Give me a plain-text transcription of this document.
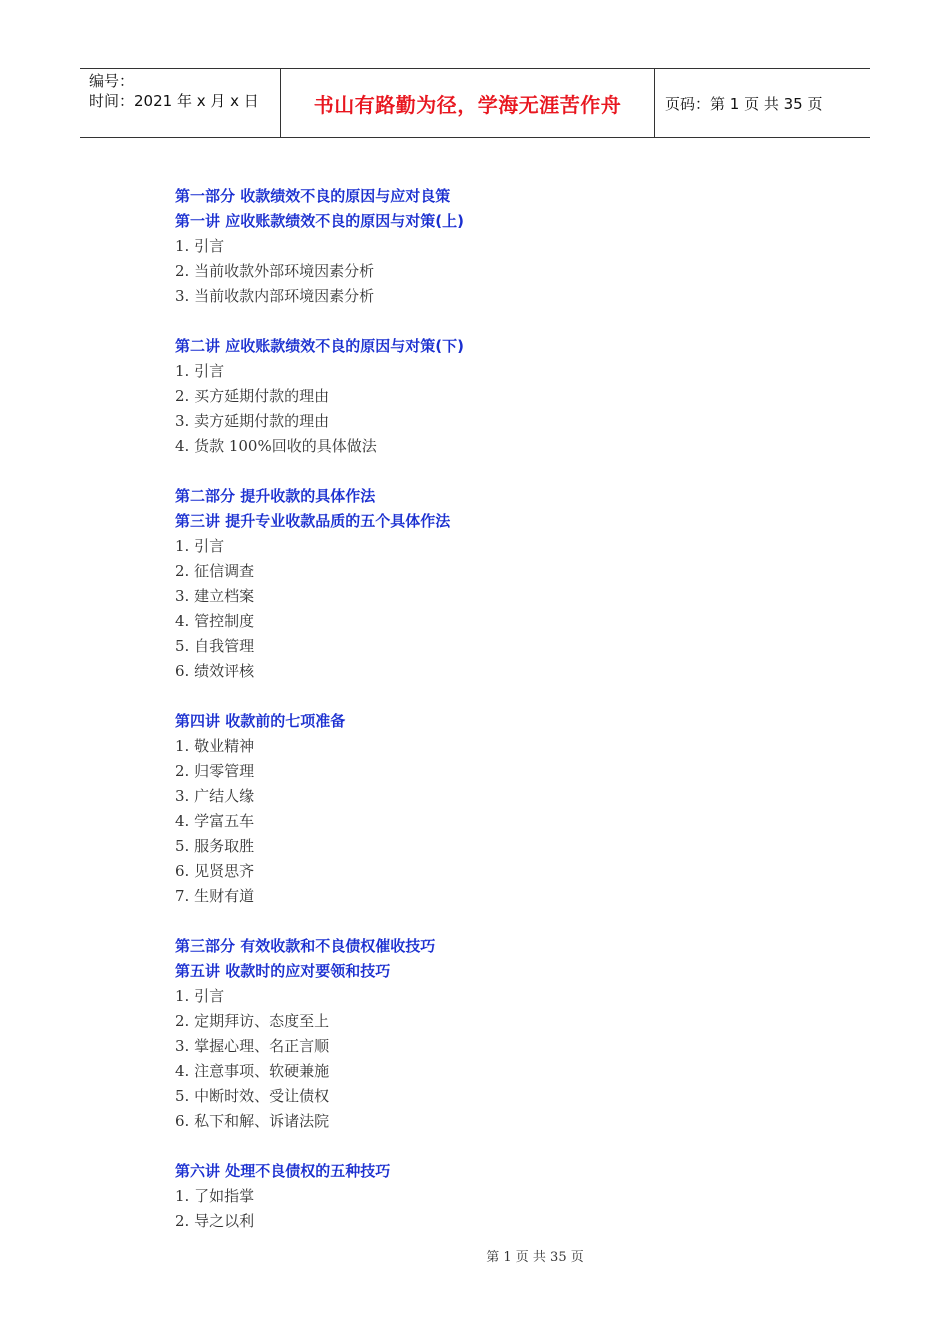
编号：
时间：2021 年 x 月 x 日	书山有路勤为径，学海无涯苦作舟	页码：第 1 页 共 35 页
第一部分 收款绩效不良的原因与应对良策
第一讲 应收账款绩效不良的原因与对策(上)
1. 引言
2. 当前收款外部环境因素分析
3. 当前收款内部环境因素分析
第二讲 应收账款绩效不良的原因与对策(下)
1. 引言
2. 买方延期付款的理由
3. 卖方延期付款的理由
4. 货款 100%回收的具体做法
第二部分 提升收款的具体作法
第三讲 提升专业收款品质的五个具体作法
1. 引言
2. 征信调查
3. 建立档案
4. 管控制度
5. 自我管理
6. 绩效评核
第四讲 收款前的七项准备
1. 敬业精神
2. 归零管理
3. 广结人缘
4. 学富五车
5. 服务取胜
6. 见贤思齐
7. 生财有道
第三部分 有效收款和不良债权催收技巧
第五讲 收款时的应对要领和技巧
1. 引言
2. 定期拜访、态度至上
3. 掌握心理、名正言顺
4. 注意事项、软硬兼施
5. 中断时效、受让债权
6. 私下和解、诉诸法院
第六讲 处理不良债权的五种技巧
1. 了如指掌
2. 导之以利
第 1 页 共 35 页
